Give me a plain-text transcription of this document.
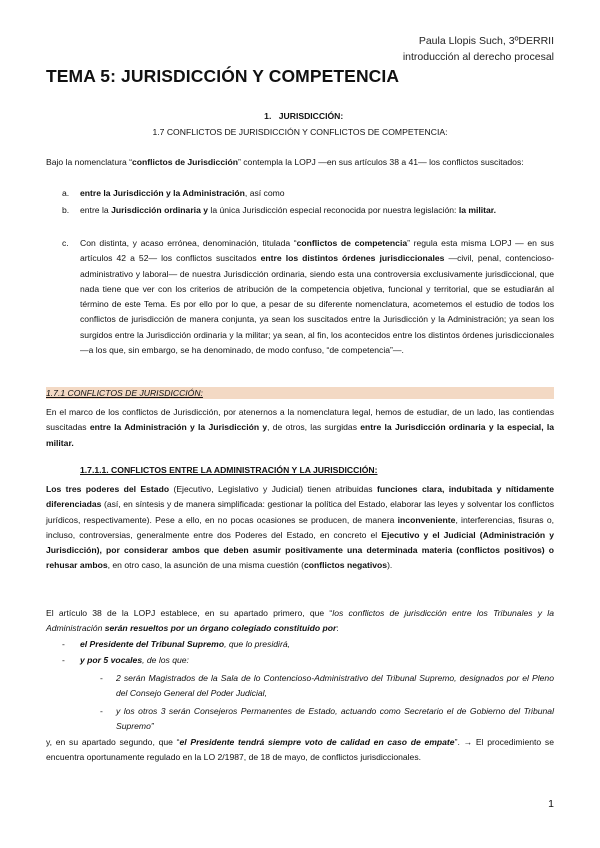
Paula Llopis Such, 3ºDERRII
introducción al derecho procesal
TEMA 5: JURISDICCIÓN Y COMPETENCIA
1. JURISDICCIÓN:
1.7 CONFLICTOS DE JURISDICCIÓN Y CONFLICTOS DE COMPETENCIA:
Bajo la nomenclatura “conflictos de Jurisdicción” contempla la LOPJ —en sus artículos 38 a 41— los conflictos suscitados:
a. entre la Jurisdicción y la Administración, así como
b. entre la Jurisdicción ordinaria y la única Jurisdicción especial reconocida por nuestra legislación: la militar.
c. Con distinta, y acaso errónea, denominación, titulada “conflictos de competencia” regula esta misma LOPJ — en sus artículos 42 a 52— los conflictos suscitados entre los distintos órdenes jurisdiccionales —civil, penal, contencioso-administrativo y laboral— de nuestra Jurisdicción ordinaria, siendo esta una controversia exclusivamente jurisdiccional, que nada tiene que ver con los criterios de atribución de la competencia objetiva, funcional y territorial, que se estudiarán al término de este Tema. Es por ello por lo que, a pesar de su diferente nomenclatura, acometemos el estudio de todos los conflictos de jurisdicción de manera conjunta, ya sean los suscitados entre la Jurisdicción y la Administración; ya sean los surgidos entre la Jurisdicción ordinaria y la militar; ya sean, al fin, los acontecidos entre los distintos órdenes jurisdiccionales —a los que, sin embargo, se ha denominado, de modo confuso, “de competencia”—.
1.7.1 CONFLICTOS DE JURISDICCIÓN:
En el marco de los conflictos de Jurisdicción, por atenernos a la nomenclatura legal, hemos de estudiar, de un lado, las contiendas suscitadas entre la Administración y la Jurisdicción y, de otros, las surgidas entre la Jurisdicción ordinaria y la especial, la militar.
1.7.1.1. CONFLICTOS ENTRE LA ADMINISTRACIÓN Y LA JURISDICCIÓN:
Los tres poderes del Estado (Ejecutivo, Legislativo y Judicial) tienen atribuidas funciones clara, indubitada y nítidamente diferenciadas (así, en síntesis y de manera simplificada: gestionar la política del Estado, elaborar las leyes y solventar los conflictos jurídicos, respectivamente). Pese a ello, en no pocas ocasiones se producen, de manera inconveniente, interferencias, fisuras o, incluso, controversias, generalmente entre dos Poderes del Estado, en concreto el Ejecutivo y el Judicial (Administración y Jurisdicción), por considerar ambos que deben asumir positivamente una determinada materia (conflictos positivos) o rehusar ambos, en otro caso, la asunción de una misma cuestión (conflictos negativos).
El artículo 38 de la LOPJ establece, en su apartado primero, que “los conflictos de jurisdicción entre los Tribunales y la Administración serán resueltos por un órgano colegiado constituido por:
- el Presidente del Tribunal Supremo, que lo presidirá,
- y por 5 vocales, de los que:
- 2 serán Magistrados de la Sala de lo Contencioso-Administrativo del Tribunal Supremo, designados por el Pleno del Consejo General del Poder Judicial,
- y los otros 3 serán Consejeros Permanentes de Estado, actuando como Secretario el de Gobierno del Tribunal Supremo”
y, en su apartado segundo, que “el Presidente tendrá siempre voto de calidad en caso de empate”. → El procedimiento se encuentra oportunamente regulado en la LO 2/1987, de 18 de mayo, de conflictos jurisdiccionales.
1
